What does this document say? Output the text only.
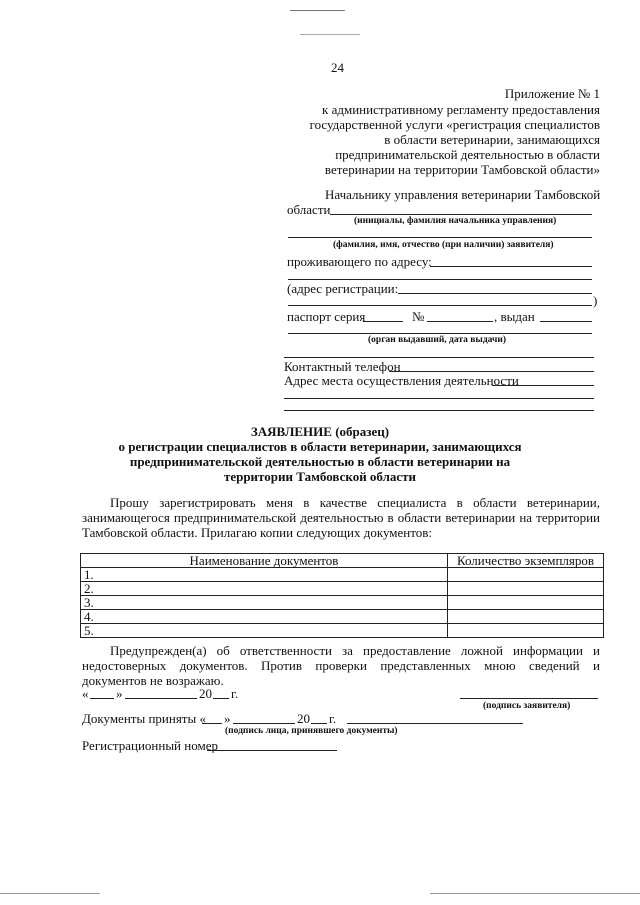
24
Приложение № 1
к административному регламенту предоставления
государственной услуги «регистрация специалистов
в области ветеринарии, занимающихся
предпринимательской деятельностью в области
ветеринарии на территории Тамбовской области»
Начальнику управления ветеринарии Тамбовской
области
(инициалы, фамилия начальника управления)
(фамилия, имя, отчество (при наличии) заявителя)
проживающего по адресу:
(адрес регистрации:
)
паспорт серия	№	, выдан
(орган выдавший, дата выдачи)
Контактный телефон
Адрес места осуществления деятельности
ЗАЯВЛЕНИЕ (образец)
о регистрации специалистов в области ветеринарии, занимающихся
предпринимательской деятельностью в области ветеринарии на
территории Тамбовской области
Прошу зарегистрировать меня в качестве специалиста в области ветеринарии,
занимающегося предпринимательской деятельностью в области ветеринарии на территории
Тамбовской области. Прилагаю копии следующих документов:
Наименование документов	Количество экземпляров
1.	
2.	
3.	
4.	
5.	
Предупрежден(а) об ответственности за предоставление ложной информации и
недостоверных документов. Против проверки представленных мною сведений и
документов не возражаю.
« »	20 г.
(подпись заявителя)
Документы приняты « »	20 г.
(подпись лица, принявшего документы)
Регистрационный номер
